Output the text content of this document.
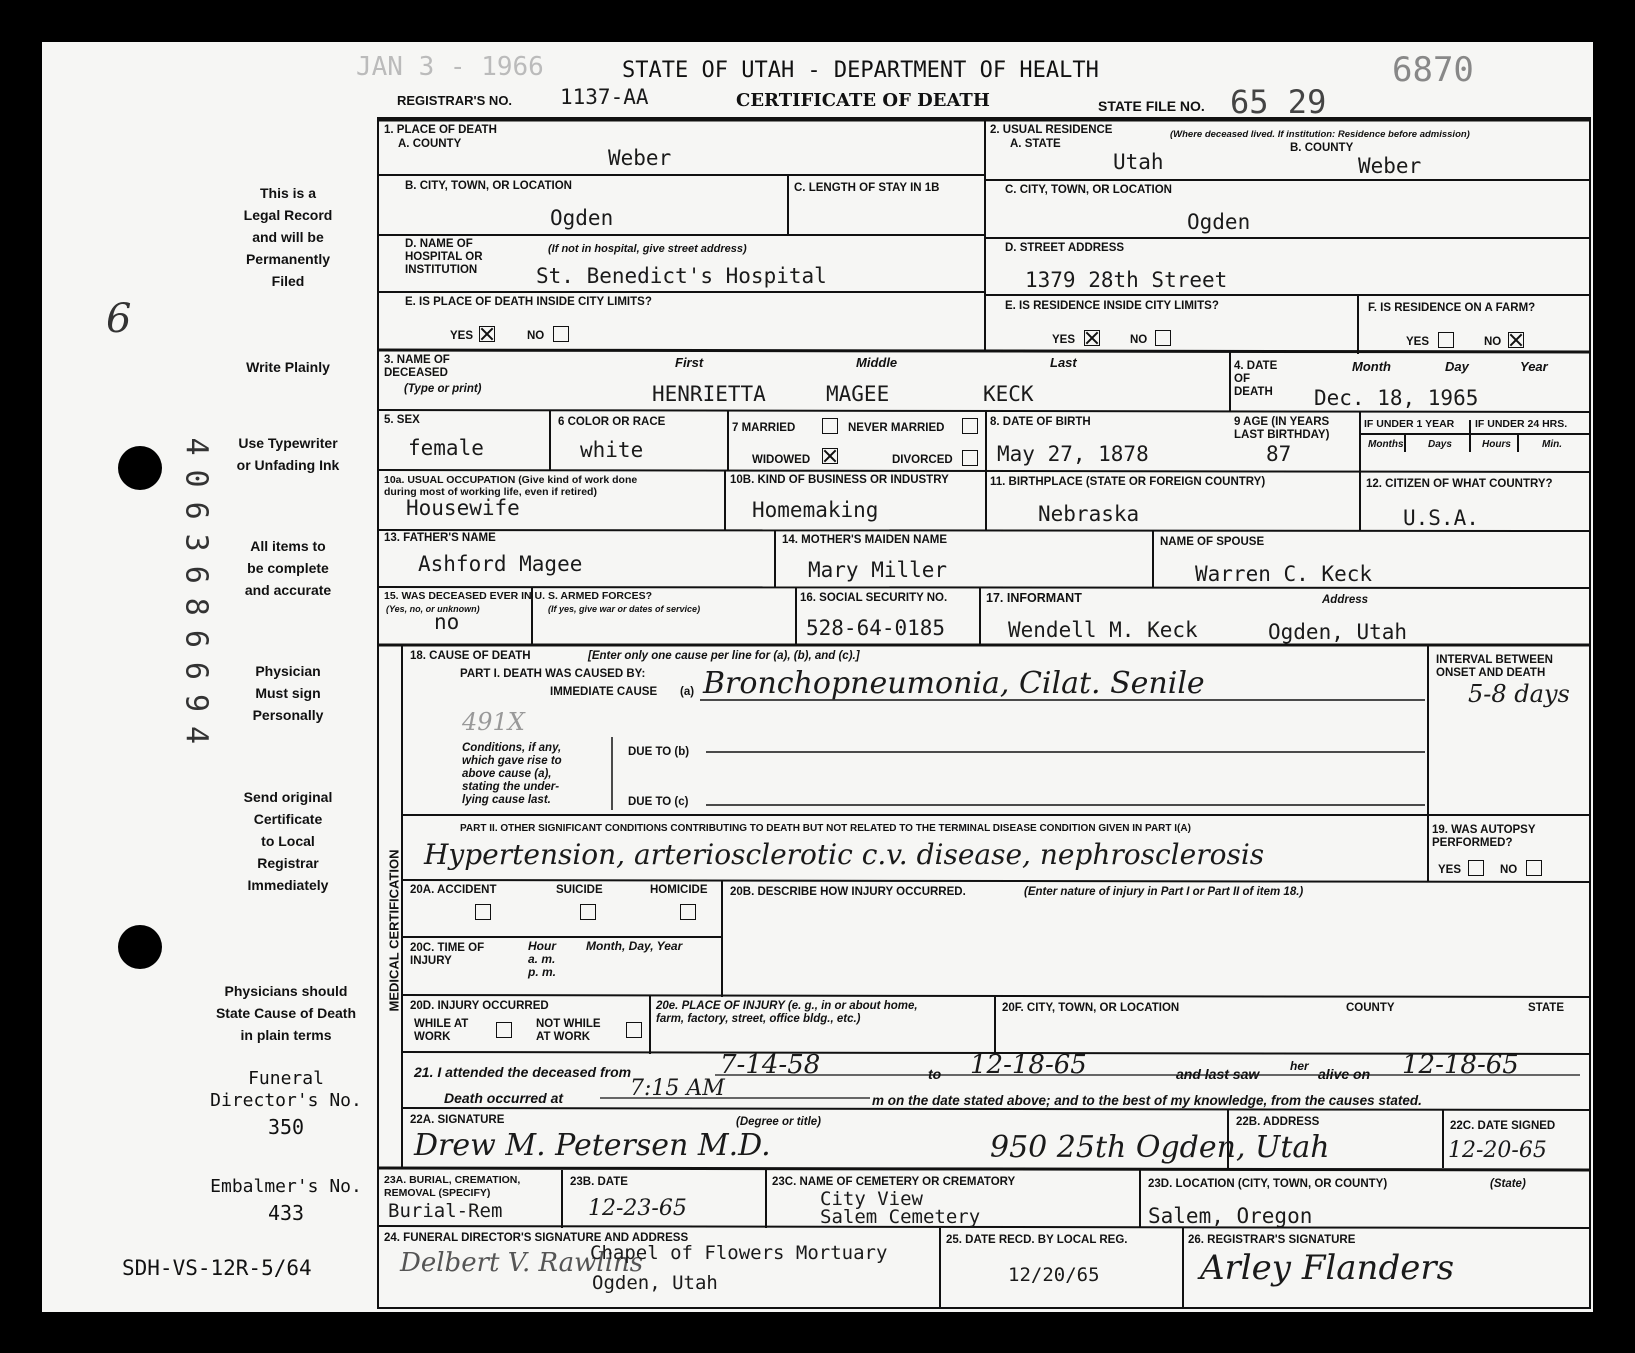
JAN 3 - 1966	6870
STATE OF UTAH - DEPARTMENT OF HEALTH
REGISTRAR'S NO. 1137-AA	CERTIFICATE OF DEATH	STATE FILE NO. 65 29
This is a
Legal Record
and will be
Permanently
Filed
Write Plainly
Use Typewriter
or Unfading Ink
All items to
be complete
and accurate
Physician
Must sign
Personally
Send original
Certificate
to Local
Registrar
Immediately
Physicians should
State Cause of Death
in plain terms
Funeral
Director's No.
350
Embalmer's No.
433
SDH-VS-12R-5/64
4063686694
6
1. PLACE OF DEATH
A. COUNTY
Weber
2. USUAL RESIDENCE	(Where deceased lived. If institution: Residence before admission)
A. STATE	B. COUNTY
Utah	Weber
B. CITY, TOWN, OR LOCATION
Ogden
C. LENGTH OF STAY IN 1B	C. CITY, TOWN, OR LOCATION
Ogden
D. NAME OF
HOSPITAL OR
INSTITUTION
(If not in hospital, give street address)
St. Benedict's Hospital
D. STREET ADDRESS
1379 28th Street
E. IS PLACE OF DEATH INSIDE CITY LIMITS?
YES	NO
E. IS RESIDENCE INSIDE CITY LIMITS?
YES	NO
F. IS RESIDENCE ON A FARM?
YES	NO
3. NAME OF
DECEASED
(Type or print)
First	Middle	Last
HENRIETTA	MAGEE	KECK
4. DATE
OF
DEATH
Month	Day	Year
Dec. 18, 1965
5. SEX
female
6 COLOR OR RACE
white
7 MARRIED	NEVER MARRIED
WIDOWED	DIVORCED
8. DATE OF BIRTH
May 27, 1878
9 AGE (IN YEARS
LAST BIRTHDAY)
87
IF UNDER 1 YEAR IF UNDER 24 HRS.
Months Days	Hours	Min.
10a. USUAL OCCUPATION (Give kind of work done
during most of working life, even if retired)
Housewife
10B. KIND OF BUSINESS OR INDUSTRY
Homemaking
11. BIRTHPLACE (STATE OR FOREIGN COUNTRY)
Nebraska
12. CITIZEN OF WHAT COUNTRY?
U.S.A.
13. FATHER'S NAME
Ashford Magee
14. MOTHER'S MAIDEN NAME
Mary Miller
NAME OF SPOUSE
Warren C. Keck
15. WAS DECEASED EVER IN U. S. ARMED FORCES?
(Yes, no, or unknown)	(If yes, give war or dates of service)
no
16. SOCIAL SECURITY NO.
528-64-0185
17. INFORMANT	Address
Wendell M. Keck	Ogden, Utah
MEDICAL CERTIFICATION
18. CAUSE OF DEATH	[Enter only one cause per line for (a), (b), and (c).]
PART I. DEATH WAS CAUSED BY:
IMMEDIATE CAUSE (a) Bronchopneumonia, Cilat. Senile
INTERVAL BETWEEN
ONSET AND DEATH
5-8 days
491X
Conditions, if any,
which gave rise to
above cause (a),
stating the under-
lying cause last.
DUE TO (b)
DUE TO (c)
PART II. OTHER SIGNIFICANT CONDITIONS CONTRIBUTING TO DEATH BUT NOT RELATED TO THE TERMINAL DISEASE CONDITION GIVEN IN PART I(A)
Hypertension, arteriosclerotic c.v. disease, nephrosclerosis
19. WAS AUTOPSY
PERFORMED?
YES	NO
20A. ACCIDENT	SUICIDE	HOMICIDE 20B. DESCRIBE HOW INJURY OCCURRED.	(Enter nature of injury in Part I or Part II of item 18.)
20C. TIME OF
INJURY
Hour
a. m.
p. m.
Month, Day, Year
20D. INJURY OCCURRED
WHILE AT
WORK
NOT WHILE
AT WORK
20e. PLACE OF INJURY (e. g., in or about home,
farm, factory, street, office bldg., etc.)
20F. CITY, TOWN, OR LOCATION	COUNTY	STATE
21. I attended the deceased from	7-14-58	to 12-18-65	and last saw	her alive on 12-18-65
Death occurred at	7:15 AM	m on the date stated above; and to the best of my knowledge, from the causes stated.
22A. SIGNATURE	(Degree or title)
Drew M. Petersen M.D.
22B. ADDRESS
950 25th Ogden, Utah
22C. DATE SIGNED
12-20-65
23A. BURIAL, CREMATION,
REMOVAL (SPECIFY)
Burial-Rem
23B. DATE
12-23-65
23C. NAME OF CEMETERY OR CREMATORY
City View
Salem Cemetery
23D. LOCATION (CITY, TOWN, OR COUNTY)	(State)
Salem, Oregon
24. FUNERAL DIRECTOR'S SIGNATURE AND ADDRESS
Delbert V. Rawlins
Chapel of Flowers Mortuary
Ogden, Utah
25. DATE RECD. BY LOCAL REG.
12/20/65
26. REGISTRAR'S SIGNATURE
Arley Flanders
